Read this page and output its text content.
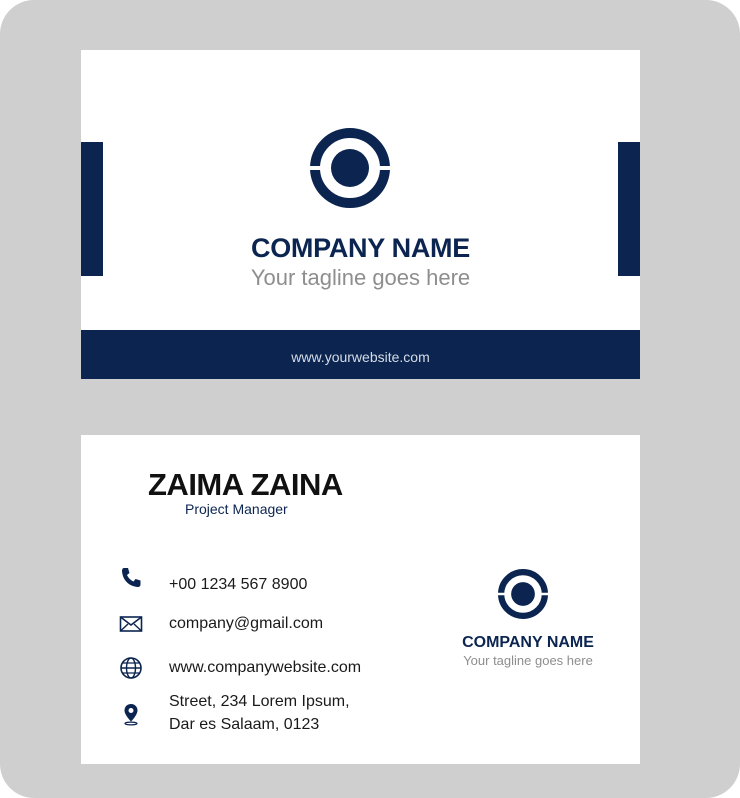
COMPANY NAME
Your tagline goes here
www.yourwebsite.com
ZAIMA ZAINA
Project Manager
+00 1234 567 8900
company@gmail.com
www.companywebsite.com
Street, 234 Lorem Ipsum,
Dar es Salaam, 0123
COMPANY NAME
Your tagline goes here
